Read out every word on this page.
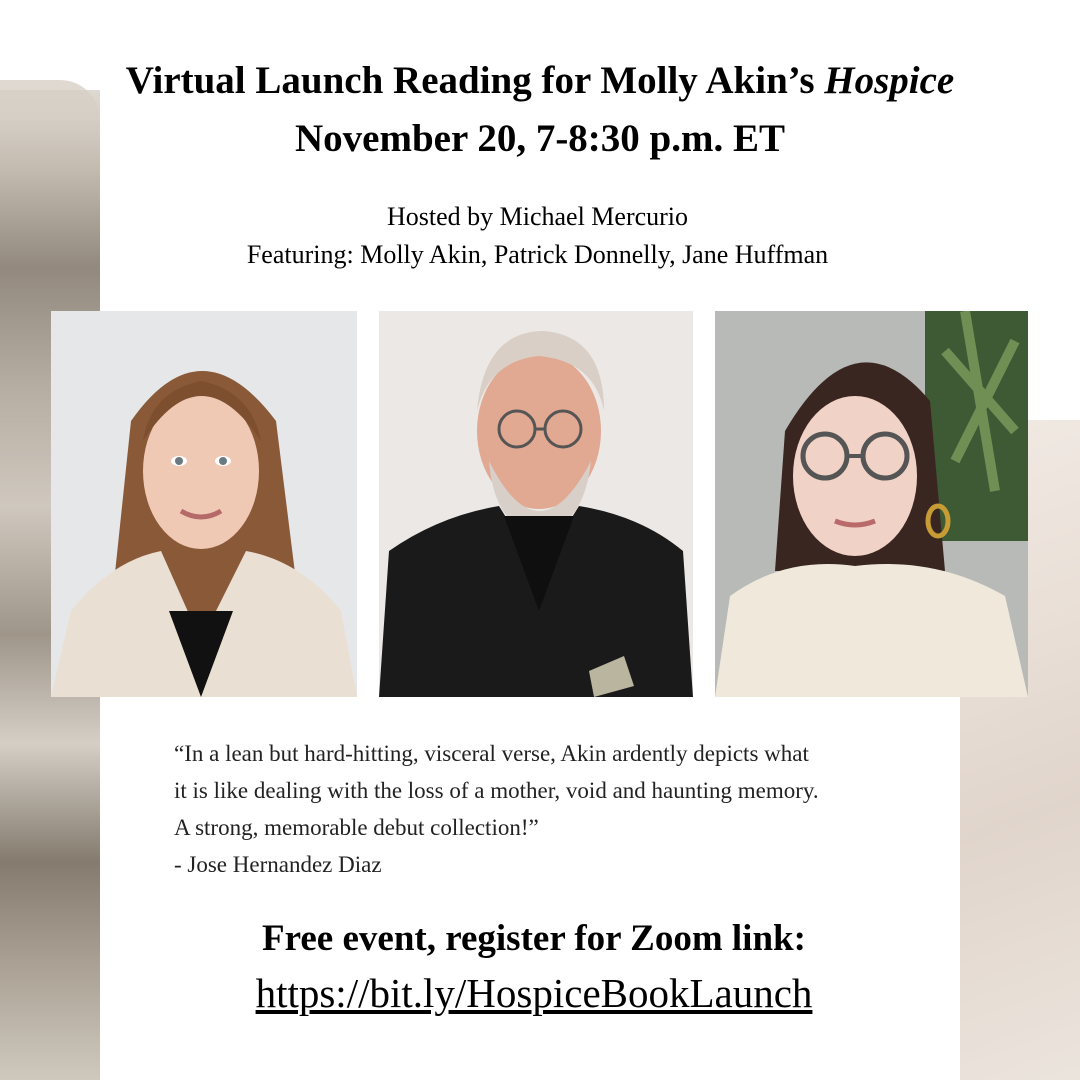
Virtual Launch Reading for Molly Akin’s Hospice
November 20, 7-8:30 p.m. ET
Hosted by Michael Mercurio
Featuring: Molly Akin, Patrick Donnelly, Jane Huffman
“In a lean but hard-hitting, visceral verse, Akin ardently depicts what
it is like dealing with the loss of a mother, void and haunting memory.
A strong, memorable debut collection!”
- Jose Hernandez Diaz
Free event, register for Zoom link:
https://bit.ly/HospiceBookLaunch
